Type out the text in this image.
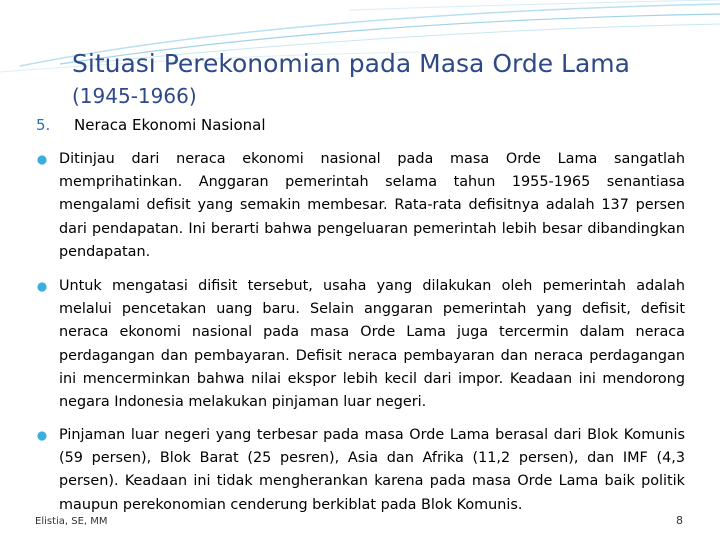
Situasi Perekonomian pada Masa Orde Lama
(1945-1966)
5. Neraca Ekonomi Nasional
Ditinjau dari neraca ekonomi nasional pada masa Orde Lama sangatlah memprihatinkan. Anggaran pemerintah selama tahun 1955-1965 senantiasa mengalami defisit yang semakin membesar. Rata-rata defisitnya adalah 137 persen dari pendapatan. Ini berarti bahwa pengeluaran pemerintah lebih besar dibandingkan pendapatan.
Untuk mengatasi difisit tersebut, usaha yang dilakukan oleh pemerintah adalah melalui pencetakan uang baru. Selain anggaran pemerintah yang defisit, defisit neraca ekonomi nasional pada masa Orde Lama juga tercermin dalam neraca perdagangan dan pembayaran. Defisit neraca pembayaran dan neraca perdagangan ini mencerminkan bahwa nilai ekspor lebih kecil dari impor. Keadaan ini mendorong negara Indonesia melakukan pinjaman luar negeri.
Pinjaman luar negeri yang terbesar pada masa Orde Lama berasal dari Blok Komunis (59 persen), Blok Barat (25 pesren), Asia dan Afrika (11,2 persen), dan IMF (4,3 persen). Keadaan ini tidak mengherankan karena pada masa Orde Lama baik politik maupun perekonomian cenderung berkiblat pada Blok Komunis.
Elistia, SE, MM	8
